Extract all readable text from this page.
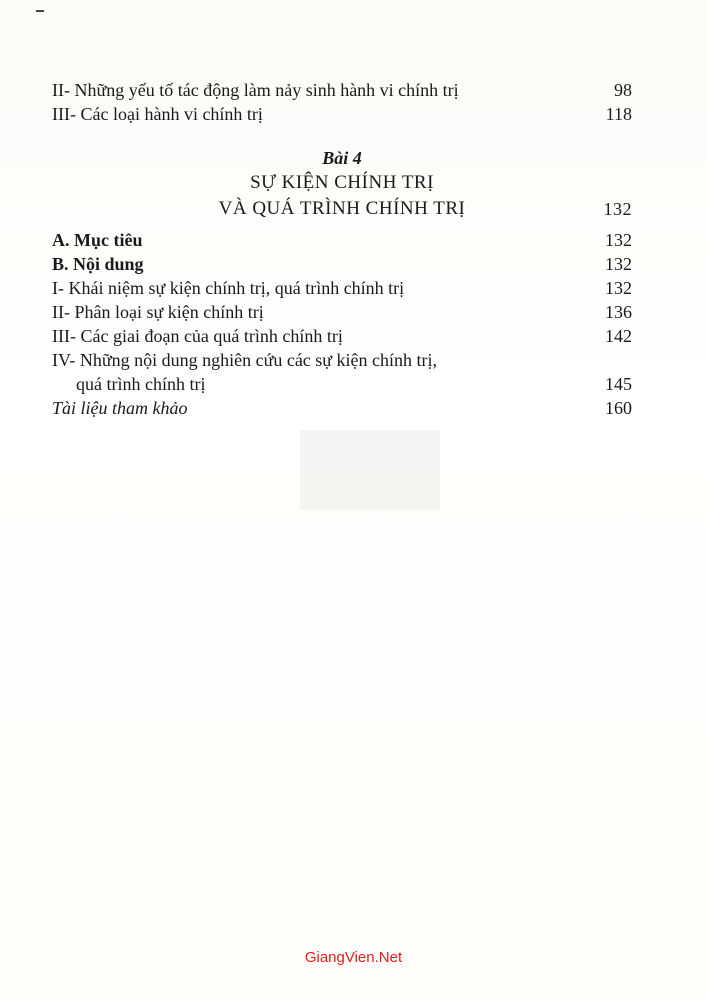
II- Những yếu tố tác động làm nảy sinh hành vi chính trị	98
III- Các loại hành vi chính trị	118
Bài 4
SỰ KIỆN CHÍNH TRỊ
VÀ QUÁ TRÌNH CHÍNH TRỊ	132
A. Mục tiêu	132
B. Nội dung	132
I- Khái niệm sự kiện chính trị, quá trình chính trị	132
II- Phân loại sự kiện chính trị	136
III- Các giai đoạn của quá trình chính trị	142
IV- Những nội dung nghiên cứu các sự kiện chính trị,
quá trình chính trị	145
Tài liệu tham khảo	160
GiangVien.Net
